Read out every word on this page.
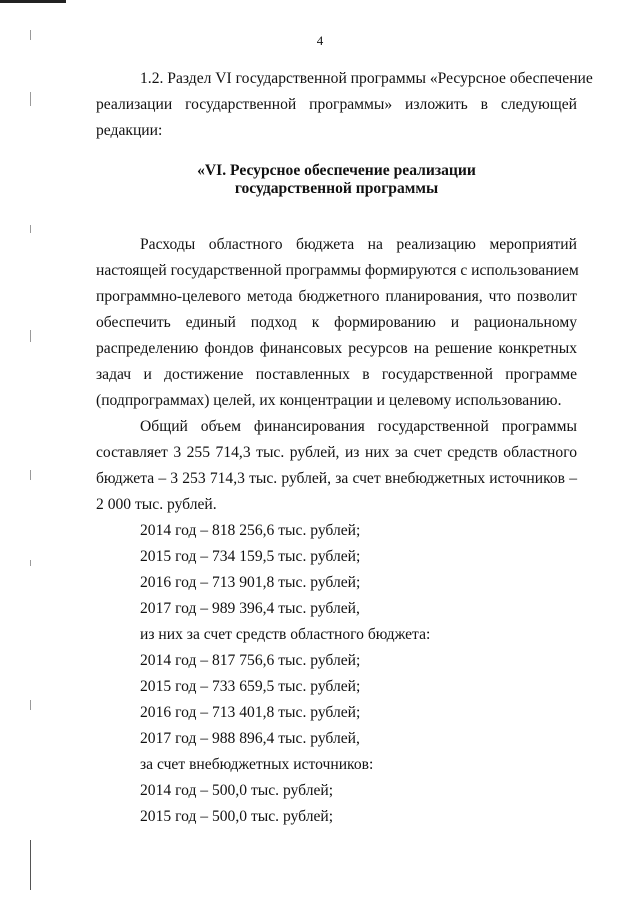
4
1.2. Раздел VI государственной программы «Ресурсное обеспечение
реализации государственной программы» изложить в следующей
редакции:
«VI. Ресурсное обеспечение реализации
государственной программы
Расходы областного бюджета на реализацию мероприятий
настоящей государственной программы формируются с использованием
программно-целевого метода бюджетного планирования, что позволит
обеспечить единый подход к формированию и рациональному
распределению фондов финансовых ресурсов на решение конкретных
задач и достижение поставленных в государственной программе
(подпрограммах) целей, их концентрации и целевому использованию.
Общий объем финансирования государственной программы
составляет 3 255 714,3 тыс. рублей, из них за счет средств областного
бюджета – 3 253 714,3 тыс. рублей, за счет внебюджетных источников –
2 000 тыс. рублей.
2014 год – 818 256,6 тыс. рублей;
2015 год – 734 159,5 тыс. рублей;
2016 год – 713 901,8 тыс. рублей;
2017 год – 989 396,4 тыс. рублей,
из них за счет средств областного бюджета:
2014 год – 817 756,6 тыс. рублей;
2015 год – 733 659,5 тыс. рублей;
2016 год – 713 401,8 тыс. рублей;
2017 год – 988 896,4 тыс. рублей,
за счет внебюджетных источников:
2014 год – 500,0 тыс. рублей;
2015 год – 500,0 тыс. рублей;
